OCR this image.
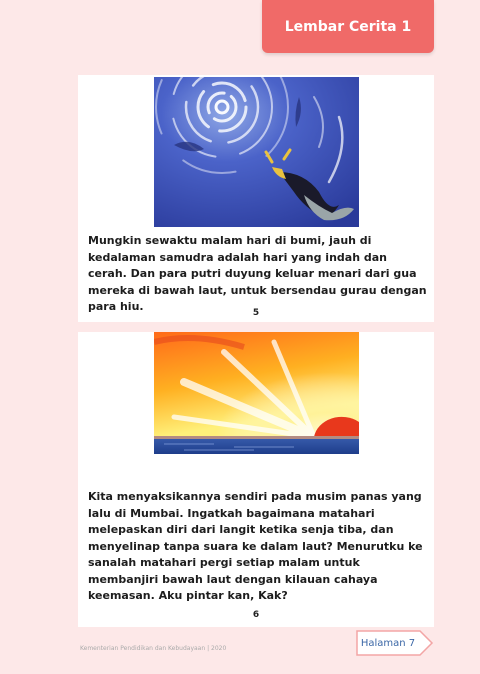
Lembar Cerita 1

Mungkin sewaktu malam hari di bumi, jauh di kedalaman samudra adalah hari yang indah dan cerah. Dan para putri duyung keluar menari dari gua mereka di bawah laut, untuk bersendau gurau dengan para hiu.	5

Kita menyaksikannya sendiri pada musim panas yang lalu di Mumbai. Ingatkah bagaimana matahari melepaskan diri dari langit ketika senja tiba, dan menyelinap tanpa suara ke dalam laut? Menurutku ke sanalah matahari pergi setiap malam untuk membanjiri bawah laut dengan kilauan cahaya keemasan. Aku pintar kan, Kak?

6
Kementerian Pendidikan dan Kebudayaan | 2020	Halaman 7
